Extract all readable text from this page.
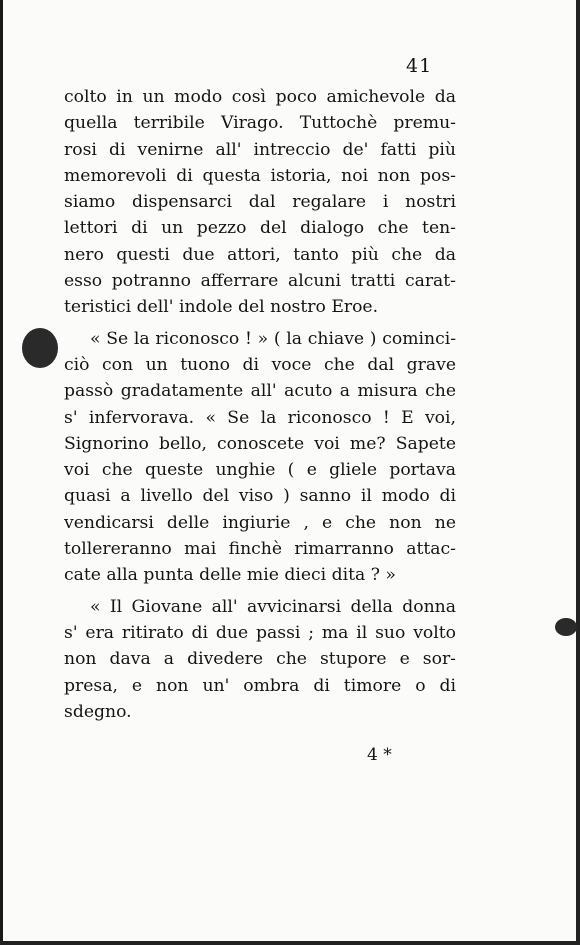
41
colto in un modo così poco amichevole da
quella terribile Virago. Tuttochè premu-
rosi di venirne all' intreccio de' fatti più
memorevoli di questa istoria, noi non pos-
siamo dispensarci dal regalare i nostri
lettori di un pezzo del dialogo che ten-
nero questi due attori, tanto più che da
esso potranno afferrare alcuni tratti carat-
teristici dell' indole del nostro Eroe.
« Se la riconosco ! » ( la chiave ) cominci-
ciò con un tuono di voce che dal grave
passò gradatamente all' acuto a misura che
s' infervorava. « Se la riconosco ! E voi,
Signorino bello, conoscete voi me? Sapete
voi che queste unghie ( e gliele portava
quasi a livello del viso ) sanno il modo di
vendicarsi delle ingiurie , e che non ne
tollereranno mai finchè rimarranno attac-
cate alla punta delle mie dieci dita ? »
« Il Giovane all' avvicinarsi della donna
s' era ritirato di due passi ; ma il suo volto
non dava a divedere che stupore e sor-
presa, e non un' ombra di timore o di
sdegno.
4 *
